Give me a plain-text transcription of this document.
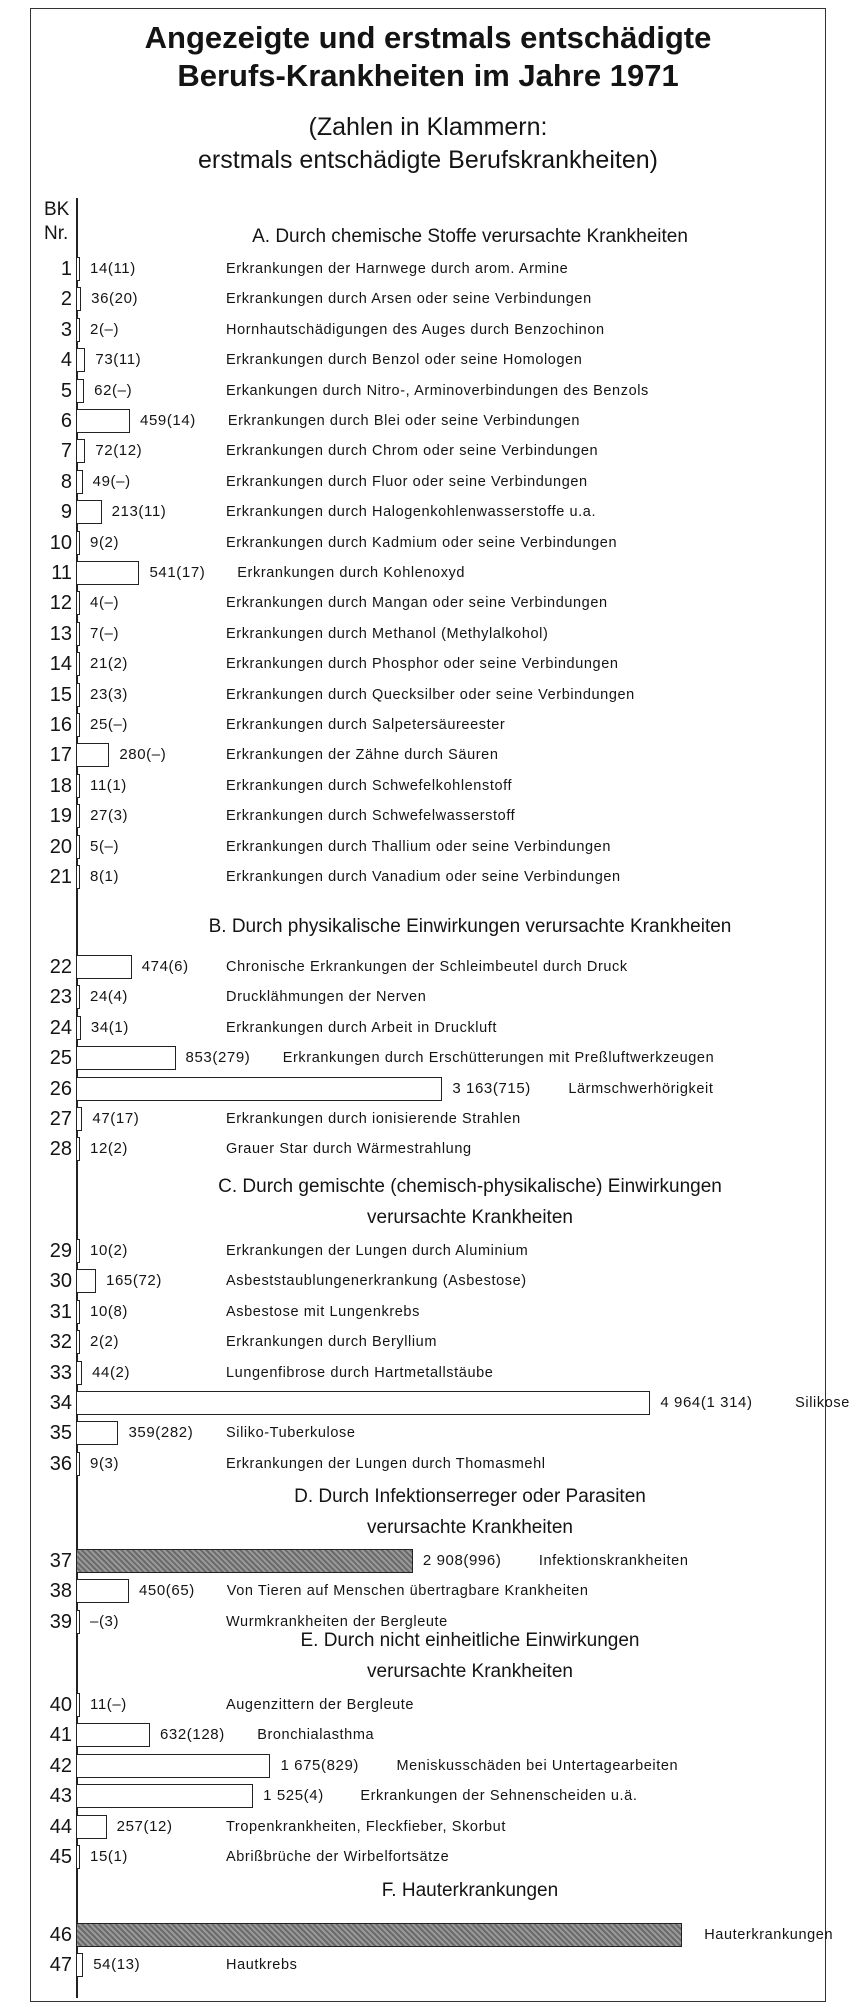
Angezeigte und erstmals entschädigte
Berufs-Krankheiten im Jahre 1971
(Zahlen in Klammern:
erstmals entschädigte Berufskrankheiten)
BK
Nr.	A. Durch chemische Stoffe verursachte Krankheiten
B. Durch physikalische Einwirkungen verursachte Krankheiten
C. Durch gemischte (chemisch-physikalische) Einwirkungen
verursachte Krankheiten
D. Durch Infektionserreger oder Parasiten
verursachte Krankheiten
E. Durch nicht einheitliche Einwirkungen
verursachte Krankheiten
F. Hauterkrankungen
1 14(11)	Erkrankungen der Harnwege durch arom. Armine
2 36(20)	Erkrankungen durch Arsen oder seine Verbindungen
3 2(–)	Hornhautschädigungen des Auges durch Benzochinon
4 73(11)	Erkrankungen durch Benzol oder seine Homologen
5 62(–)	Erkankungen durch Nitro-, Arminoverbindungen des Benzols
6	459(14) Erkrankungen durch Blei oder seine Verbindungen
7 72(12)	Erkrankungen durch Chrom oder seine Verbindungen
8 49(–)	Erkrankungen durch Fluor oder seine Verbindungen
9	213(11)	Erkrankungen durch Halogenkohlenwasserstoffe u.a.
10 9(2)	Erkrankungen durch Kadmium oder seine Verbindungen
11	541(17) Erkrankungen durch Kohlenoxyd
12 4(–)	Erkrankungen durch Mangan oder seine Verbindungen
13 7(–)	Erkrankungen durch Methanol (Methylalkohol)
14 21(2)	Erkrankungen durch Phosphor oder seine Verbindungen
15 23(3)	Erkrankungen durch Quecksilber oder seine Verbindungen
16 25(–)	Erkrankungen durch Salpetersäureester
17	280(–)	Erkrankungen der Zähne durch Säuren
18 11(1)	Erkrankungen durch Schwefelkohlenstoff
19 27(3)	Erkrankungen durch Schwefelwasserstoff
20 5(–)	Erkrankungen durch Thallium oder seine Verbindungen
21 8(1)	Erkrankungen durch Vanadium oder seine Verbindungen
22	474(6)	Chronische Erkrankungen der Schleimbeutel durch Druck
23 24(4)	Drucklähmungen der Nerven
24 34(1)	Erkrankungen durch Arbeit in Druckluft
25	853(279) Erkrankungen durch Erschütterungen mit Preßluftwerkzeugen
26	3 163(715)	Lärmschwerhörigkeit
27 47(17)	Erkrankungen durch ionisierende Strahlen
28 12(2)	Grauer Star durch Wärmestrahlung
29 10(2)	Erkrankungen der Lungen durch Aluminium
30 165(72)	Asbeststaublungenerkrankung (Asbestose)
31 10(8)	Asbestose mit Lungenkrebs
32 2(2)	Erkrankungen durch Beryllium
33 44(2)	Lungenfibrose durch Hartmetallstäube
34	4 964(1 314)	Silikose
35	359(282) Siliko-Tuberkulose
36 9(3)	Erkrankungen der Lungen durch Thomasmehl
37	2 908(996)	Infektionskrankheiten
38	450(65) Von Tieren auf Menschen übertragbare Krankheiten
39 –(3)	Wurmkrankheiten der Bergleute
40 11(–)	Augenzittern der Bergleute
41	632(128) Bronchialasthma
42	1 675(829)	Meniskusschäden bei Untertagearbeiten
43	1 525(4)	Erkrankungen der Sehnenscheiden u.ä.
44	257(12)	Tropenkrankheiten, Fleckfieber, Skorbut
45 15(1)	Abrißbrüche der Wirbelfortsätze
46	Hauterkrankungen
47 54(13)	Hautkrebs
